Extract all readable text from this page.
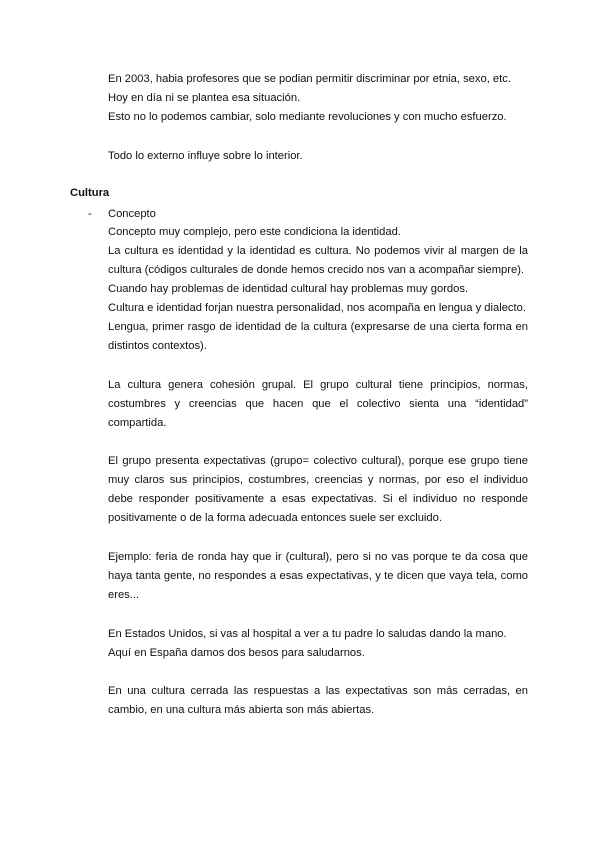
En 2003, habia profesores que se podian permitir discriminar por etnia, sexo, etc.
Hoy en día ni se plantea esa situación.
Esto no lo podemos cambiar, solo mediante revoluciones y con mucho esfuerzo.
Todo lo externo influye sobre lo interior.
Cultura
- Concepto
Concepto muy complejo, pero este condiciona la identidad.
La cultura es identidad y la identidad es cultura. No podemos vivir al margen de la
cultura (códigos culturales de donde hemos crecido nos van a acompañar siempre).
Cuando hay problemas de identidad cultural hay problemas muy gordos.
Cultura e identidad forjan nuestra personalidad, nos acompaña en lengua y dialecto.
Lengua, primer rasgo de identidad de la cultura (expresarse de una cierta forma en
distintos contextos).
La cultura genera cohesión grupal. El grupo cultural tiene principios, normas,
costumbres y creencias que hacen que el colectivo sienta una “identidad”
compartida.
El grupo presenta expectativas (grupo= colectivo cultural), porque ese grupo tiene
muy claros sus principios, costumbres, creencias y normas, por eso el individuo
debe responder positivamente a esas expectativas. Si el individuo no responde
positivamente o de la forma adecuada entonces suele ser excluido.
Ejemplo: feria de ronda hay que ir (cultural), pero si no vas porque te da cosa que
haya tanta gente, no respondes a esas expectativas, y te dicen que vaya tela, como
eres...
En Estados Unidos, si vas al hospital a ver a tu padre lo saludas dando la mano.
Aquí en España damos dos besos para saludarnos.
En una cultura cerrada las respuestas a las expectativas son más cerradas, en
cambio, en una cultura más abierta son más abiertas.
